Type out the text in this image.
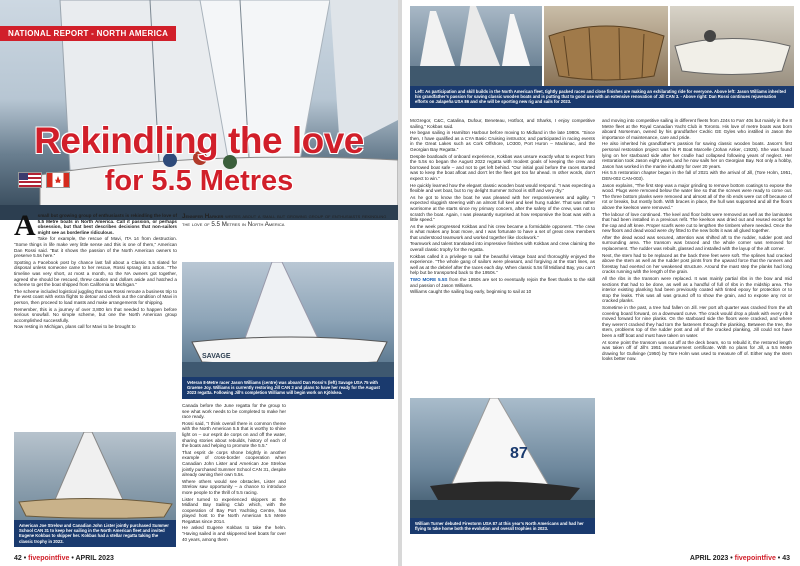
NATIONAL REPORT - NORTH AMERICA
Rekindling the love
for 5.5 Metres
Jennifer Harker writes about a small but growing group of enthusiasts rekindling the love of 5.5 Metres in North America

Asmall but growing group of enthusiasts is rekindling the love of 5.5 Metre boats in North America. Call it passion, or perhaps obsession, but that best describes decisions that non-sailors might see as borderline ridiculous.

Take for example, the rescue of Mavi, ITA 14 from destruction. “Some things in life make very little sense and this is one of them,” American Dan Rossi said. “But it shows the passion of the North American owners to preserve 5.5s here.”

Spotting a Facebook post by chance last fall about a Classic 5.5 slated for disposal unless someone came to her rescue, Rossi sprang into action. “The timeline was very short, at most a month, so the NA owners got together, agreed she should be rescued, threw caution and dollars aside and hatched a scheme to get the boat shipped from California to Michigan.”

The scheme included logistical juggling that saw Rossi reroute a business trip to the west coast with extra flights to detour and check out the condition of Mavi in person, then proceed to load masts and make arrangements for shipping.

Remember, this is a journey of over 3,800 km that needed to happen before serious snowfall. No simple scheme, but one the North American group accomplished successfully.

Now resting in Michigan, plans call for Mavi to be brought to

SAVAGE
Veteran 8-Metre racer Jason Williams (centre) was aboard Dan Rossi’s (left) Savage USA 75 with Graeme Joy. Williams is currently restoring Jill CAN 3 and plans to have her ready for the August 2023 regatta. Following Jill’s completion Williams will begin work on Kjölskea.

Canada before the June regatta for the group to see what work needs to be completed to make her race ready.

Rossi said, “I think overall there is common theme with the North American 5.5 that is worthy to shine light on – our esprit de corps on and off the water, sharing stories about rebuilds, history of each of the boats and helping to promote the 5.5.”

That esprit de corps shone brightly in another example of cross-border cooperation when Canadian John Lister and American Joe Strelow jointly purchased Summer School CAN 31, despite already owning their own 5.5s.

Where others would see obstacles, Lister and Strelow saw opportunity – a chance to introduce more people to the thrill of 5.5 racing.

Lister turned to experienced skippers at the Midland Bay Sailing Club which, with the cooperation of Bay Port Yachting Centre, has played host to the North American 5.5 Metre Regattas since 2014.

He asked Eugene Kokbas to take the helm. “Having sailed in and skippered keel boats for over 40 years, among them

American Joe Strelow and Canadian John Lister jointly purchased Summer School CAN 31 to keep her sailing in the North American fleet and invited Eugene Kokbas to skipper her. Kokbas had a stellar regatta taking the classic trophy in 2022.
42 • fivepointfive • APRIL 2023
Left: As participation and skill builds in the North American fleet, tightly packed races and close finishes are making an exhilarating ride for everyone. Above left: Jason Williams inherited his grandfather’s passion for saving classic wooden boats and is putting that to good use with an extensive renovation of Jill CAN 3. - Above right: Dan Rossi continues rejuvenation efforts on Jalapeña USA 86 and she will be sporting new rig and sails for 2023.

McGregor, C&C, Catalina, Dufour, Beneteau, Hotfoot, and Sharks, I enjoy competitive sailing,” Kokbas said.

He began sailing in Hamilton Harbour before moving to Midland in the late 1980s. “Since then, I have qualified as a CYA Basic Cruising instructor, and participated in racing events in the Great Lakes such as Cork Offshore, LO300, Port Huron – Mackinac, and the Georgian Bay Regatta.”

Despite boatloads of onboard experience, Kokbas was unsure exactly what to expect from the 5.5s so began the August 2022 regatta with modest goals of keeping the crew and borrowed boat safe – and not to get left behind. “Our initial goal before the races started was to keep the boat afloat and don’t let the fleet get too far ahead. In other words, don’t expect to win.”

He quickly learned how the elegant classic wooden boat would respond. “I was expecting a flexible and wet boat, but to my delight Summer School is stiff and very dry.”

As he got to know the boat he was pleased with her responsiveness and agility. “I expected sluggish steering with an almost full keel and keel hung rudder. That was rather worrisome at the starts since my primary concern, after the safety of the crew, was not to scratch the boat. Again, I was pleasantly surprised at how responsive the boat was with a little speed.”

As the week progressed Kokbas and his crew became a formidable opponent. “The crew is what makes any boat move, and I was fortunate to have a set of great crew members that understood teamwork and worked together like clockwork.”

Teamwork and talent translated into impressive finishes with Kokbas and crew claiming the overall classic trophy for the regatta.

Kokbas called it a privilege to sail the beautiful vintage boat and thoroughly enjoyed the experience. “The whole gang of sailors were pleasant, and forgiving at the start lines, as well as at the debrief after the races each day. When classic 5.5s fill Midland Bay, you can’t help but be transported back to the 1950s.”

TWO MORE 5.5S from the 1950s are set to eventually rejoin the fleet thanks to the skill and passion of Jason Williams.

Williams caught the sailing bug early, beginning to sail at 10

87
William Turner debuted Firestorm USA 87 at this year’s North Americans and had her flying to take home both the evolution and overall trophies in 2023.

and moving into competitive sailing in different fleets from J24s to Farr 40s but mainly in the 8 Metre fleet at the Royal Canadian Yacht Club in Toronto. His love of metre boats was born aboard Norseman, owned by his grandfather Cedric GE Gyles who instilled in Jason the importance of maintenance, care and pride.

He also inherited his grandfather’s passion for saving classic wooden boats. Jason’s first personal restoration project was his R Boat Marcelle (Johan Anker, c1925). She was found lying on her starboard side after her cradle had collapsed following years of neglect. Her restoration took Jason eight years, and he now sails her on Georgian Bay. Not only a hobby, Jason has worked in the marine industry for over 20 years.

His 5.5 restoration chapter began in the fall of 2021 with the arrival of Jill, (Tore Holm, 1951, DEN-002 CAN-003).

Jason explains, “The first step was a major grinding to remove bottom coatings to expose the wood. Plugs were removed below the water line so that the screws were ready to come out. The three bottom planks were removed and almost all of the rib ends were cut off because of rot or breaks, but mostly both. With braces in place, the hull was supported and all the floors above the keelson were removed.”

The labour of love continued. The keel and floor bolts were removed as well as the laminates that had been installed in a previous refit. The keelson was dried out and reused except for the cap and aft knee. Proper scarfs were cut to lengthen the timbers where needed. Once the new floors and dead wood were dry fitted to the new bolts it was all glued together.

After the dead wood was secured, attention was shifted aft to the rudder, rudder post and surrounding area. The transom was braced and the whole corner was removed for replacement. The rudder was rebuilt, glassed and installed with the layup of the aft corner.

Next, the stem had to be replaced as the back three feet were soft. The splines had cracked above the stem as well as the rudder post joints from the upward force that the runners and forestay had exerted on her weakened structure. Around the mast step the planks had long cracks running with the length of the grain.

All the ribs in the transom were replaced. It was mainly partial ribs in the bow and mid sections that had to be done, as well as a handful of full of ribs in the midship area. The interior existing planking had been previously coated with tinted epoxy for protection or to stop the leaks. This was all was ground off to show the grain, and to expose any rot or cracked planks.

Sometime in the past, a tree had fallen on Jill. Her port aft quarter was cracked from the aft covering board forward, on a downward curve. The crack would drop a plank with every rib it moved forward for nine planks. On the starboard side the floors were cracked, and where they weren’t cracked they had torn the fasteners through the planking. Between the tree, the stem, problems top of the rudder post and all of the cracked planking, Jill could not have been a stiff boat and must have taken on water.

At some point the transom was cut off at the deck beam, so to rebuild it, the restored length was taken off of Jill’s 1951 measurement certificate. With no plans for Jill, a 5.5 Metre drawing for Gullvinge (1950) by Tore Holm was used to measure off of. Either way the stern looks better now.

APRIL 2023 • fivepointfive • 43
